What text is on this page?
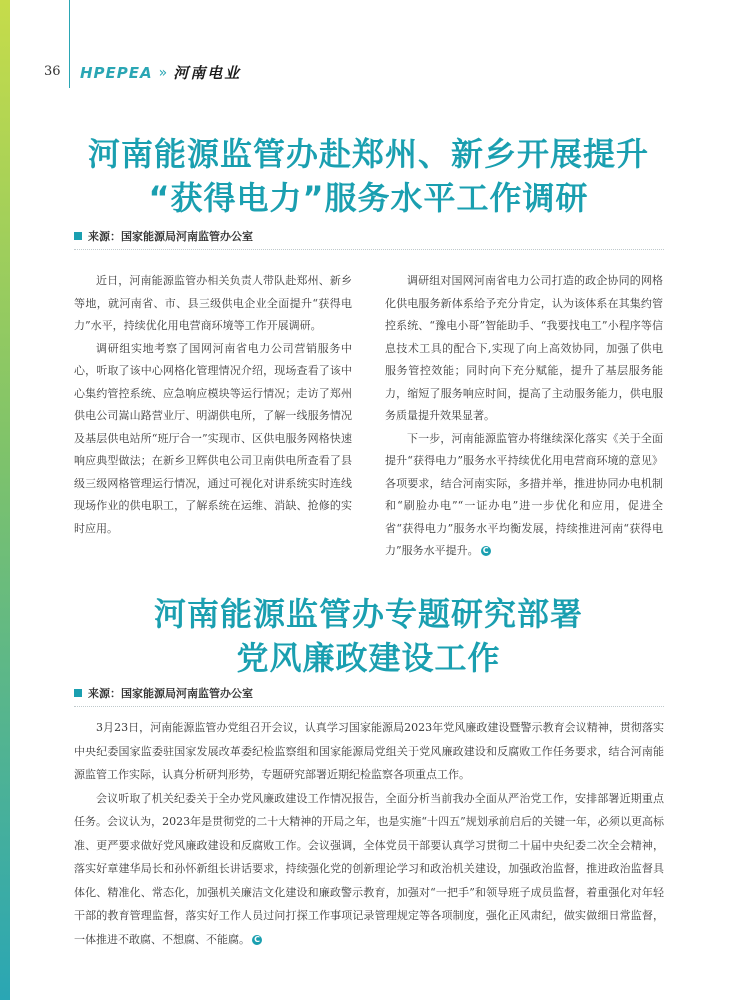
36 HPEPEA » 河南电业
河南能源监管办赴郑州、新乡开展提升
“获得电力”服务水平工作调研
来源：国家能源局河南监管办公室

近日，河南能源监管办相关负责人带队赴郑州、新乡等地，就河南省、市、县三级供电企业全面提升“获得电力”水平，持续优化用电营商环境等工作开展调研。

调研组实地考察了国网河南省电力公司营销服务中心，听取了该中心网格化管理情况介绍，现场查看了该中心集约管控系统、应急响应模块等运行情况；走访了郑州供电公司嵩山路营业厅、明湖供电所，了解一线服务情况及基层供电站所“班厅合一”实现市、区供电服务网格快速响应典型做法；在新乡卫辉供电公司卫南供电所查看了县级三级网格管理运行情况，通过可视化对讲系统实时连线现场作业的供电职工，了解系统在运维、消缺、抢修的实时应用。

调研组对国网河南省电力公司打造的政企协同的网格化供电服务新体系给予充分肯定，认为该体系在其集约管控系统、“豫电小哥”智能助手、“我要找电工”小程序等信息技术工具的配合下,实现了向上高效协同，加强了供电服务管控效能；同时向下充分赋能，提升了基层服务能力，缩短了服务响应时间，提高了主动服务能力，供电服务质量提升效果显著。

下一步，河南能源监管办将继续深化落实《关于全面提升“获得电力”服务水平持续优化用电营商环境的意见》各项要求，结合河南实际，多措并举，推进协同办电机制和“刷脸办电”“一证办电”进一步优化和应用，促进全省“获得电力”服务水平均衡发展，持续推进河南“获得电力”服务水平提升。 C

河南能源监管办专题研究部署
党风廉政建设工作
来源：国家能源局河南监管办公室

3月23日，河南能源监管办党组召开会议，认真学习国家能源局2023年党风廉政建设暨警示教育会议精神，贯彻落实中央纪委国家监委驻国家发展改革委纪检监察组和国家能源局党组关于党风廉政建设和反腐败工作任务要求，结合河南能源监管工作实际，认真分析研判形势，专题研究部署近期纪检监察各项重点工作。

会议听取了机关纪委关于全办党风廉政建设工作情况报告，全面分析当前我办全面从严治党工作，安排部署近期重点任务。会议认为，2023年是贯彻党的二十大精神的开局之年，也是实施“十四五”规划承前启后的关键一年，必须以更高标准、更严要求做好党风廉政建设和反腐败工作。会议强调，全体党员干部要认真学习贯彻二十届中央纪委二次全会精神，落实好章建华局长和孙怀新组长讲话要求，持续强化党的创新理论学习和政治机关建设，加强政治监督，推进政治监督具体化、精准化、常态化，加强机关廉洁文化建设和廉政警示教育，加强对“一把手”和领导班子成员监督，着重强化对年轻干部的教育管理监督，落实好工作人员过问打探工作事项记录管理规定等各项制度，强化正风肃纪，做实做细日常监督，一体推进不敢腐、不想腐、不能腐。 C
